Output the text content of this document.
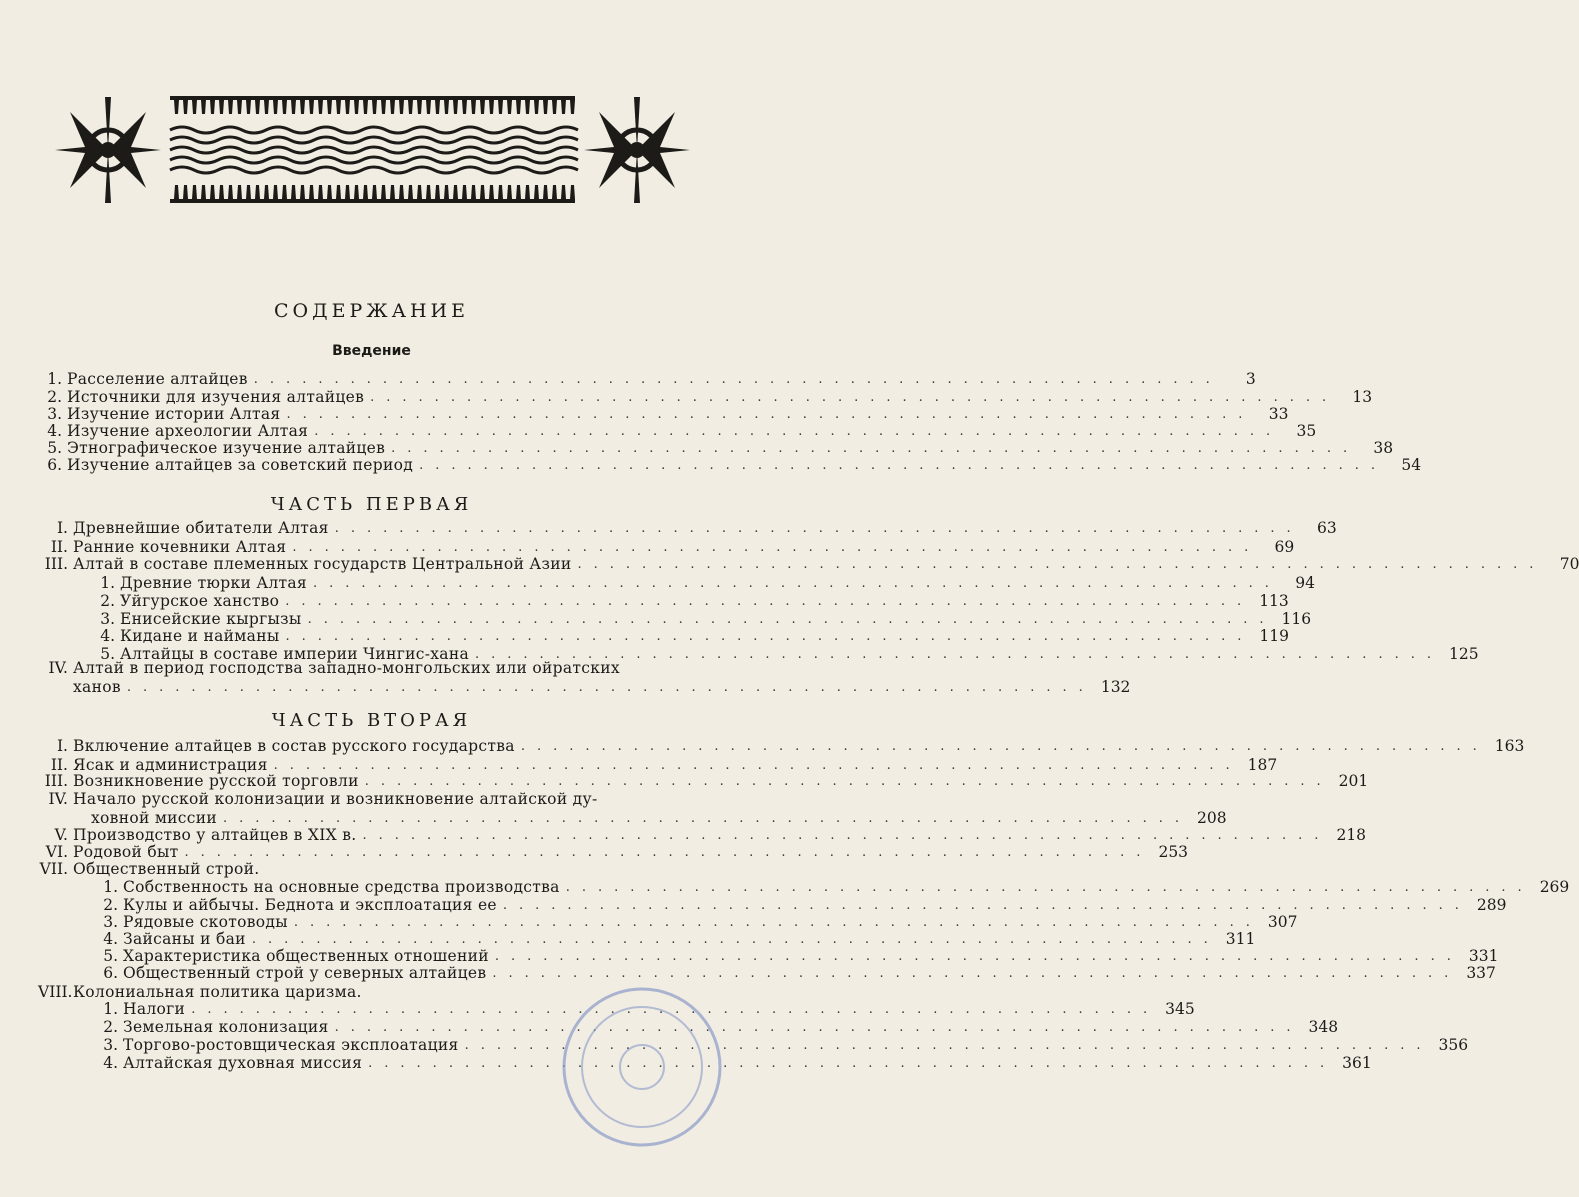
СОДЕРЖАНИЕ
Введение
1. Расселение алтайцев ............................................................	3
2. Источники для изучения алтайцев ............................................................ 13
3. Изучение истории Алтая ............................................................ 33
4. Изучение археологии Алтая ............................................................ 35
5. Этнографическое изучение алтайцев ............................................................ 38
6. Изучение алтайцев за советский период ............................................................ 54
ЧАСТЬ ПЕРВАЯ
I. Древнейшие обитатели Алтая ............................................................ 63
II. Ранние кочевники Алтая ............................................................ 69
III. Алтай в составе племенных государств Центральной Азии ............................................................ 70
1. Древние тюрки Алтая ............................................................ 94
2. Уйгурское ханство ............................................................ 113
3. Енисейские кыргызы ............................................................ 116
4. Кидане и найманы ............................................................ 119
5. Алтайцы в составе империи Чингис-хана ............................................................ 125
IV. Алтай в период господства западно-монгольских или ойратских
ханов ............................................................ 132
ЧАСТЬ ВТОРАЯ
I. Включение алтайцев в состав русского государства ............................................................ 163
II. Ясак и администрация ............................................................ 187
III. Возникновение русской торговли ............................................................ 201
IV. Начало русской колонизации и возникновение алтайской ду-
ховной миссии ............................................................ 208
V. Производство у алтайцев в XIX в. ............................................................ 218
VI. Родовой быт ............................................................ 253
VII. Общественный строй.
1. Собственность на основные средства производства ............................................................ 269
2. Кулы и айбычы. Беднота и эксплоатация ее ............................................................ 289
3. Рядовые скотоводы ............................................................ 307
4. Зайсаны и баи ............................................................ 311
5. Характеристика общественных отношений ............................................................ 331
6. Общественный строй у северных алтайцев ............................................................ 337
VIII. Колониальная политика царизма.
1. Налоги ............................................................ 345
2. Земельная колонизация ............................................................ 348
3. Торгово-ростовщическая эксплоатация ............................................................ 356
4. Алтайская духовная миссия ............................................................ 361
